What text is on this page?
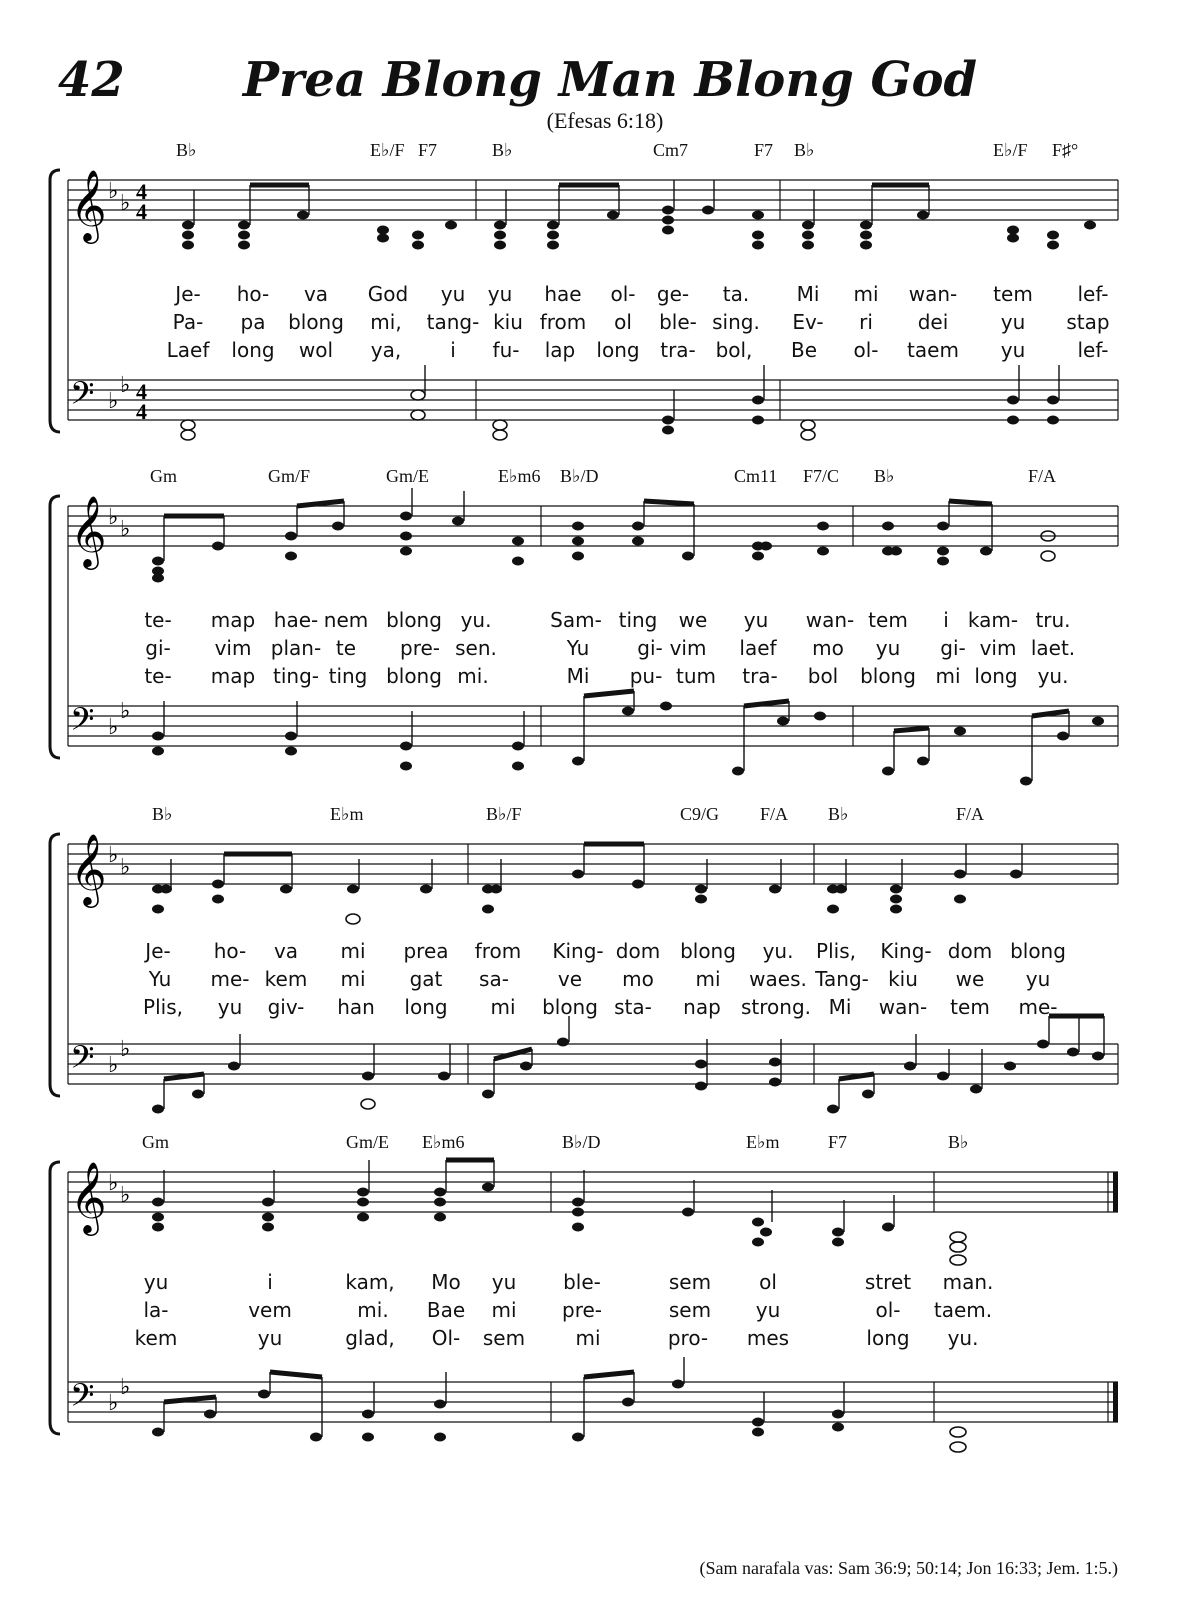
42	Prea Blong Man Blong God
(Efesas 6:18)
B♭	E♭/F F7	B♭	Cm7	F7 B♭	E♭/F F♯°
𝄞
𝄢
♭ ♭
♭
♭
4
4
4
4
Je- ho- va God yu yu hae ol- ge- ta. Mi mi wan- tem lef-
Pa- pa blong mi, tang- kiu from ol ble- sing. Ev- ri dei	yu stap
Laef long wol ya, i fu- lap long tra- bol, Be ol- taem yu	lef-
Gm	Gm/F	Gm/E	E♭m6 B♭/D	Cm11 F7/C B♭	F/A
𝄞
𝄢
♭ ♭
♭
♭
te- map hae- nem blong yu.	Sam- ting we yu wan- tem i kam- tru.
gi- vim plan- te pre- sen.	Yu gi- vim laef mo yu gi- vim laet.
te- map ting- ting blong mi.	Mi pu- tum tra- bol blong mi long yu.
B♭	E♭m	B♭/F	C9/G F/A B♭	F/A
𝄞
𝄢
♭ ♭
♭
♭
Je- ho- va mi prea from King- dom blong yu. Plis, King- dom blong
Yu me- kem mi gat sa- ve mo mi waes. Tang- kiu we yu
Plis, yu giv- han long mi blong sta- nap strong. Mi wan- tem me-
Gm	Gm/E E♭m6	B♭/D	E♭m	F7	B♭
𝄞
𝄢
♭ ♭
♭
♭
yu	i	kam, Mo yu ble-	sem ol	stret man.
la-	vem	mi. Bae mi pre-	sem yu	ol- taem.
kem	yu	glad, Ol- sem	mi	pro- mes	long yu.
(Sam narafala vas: Sam 36:9; 50:14; Jon 16:33; Jem. 1:5.)
